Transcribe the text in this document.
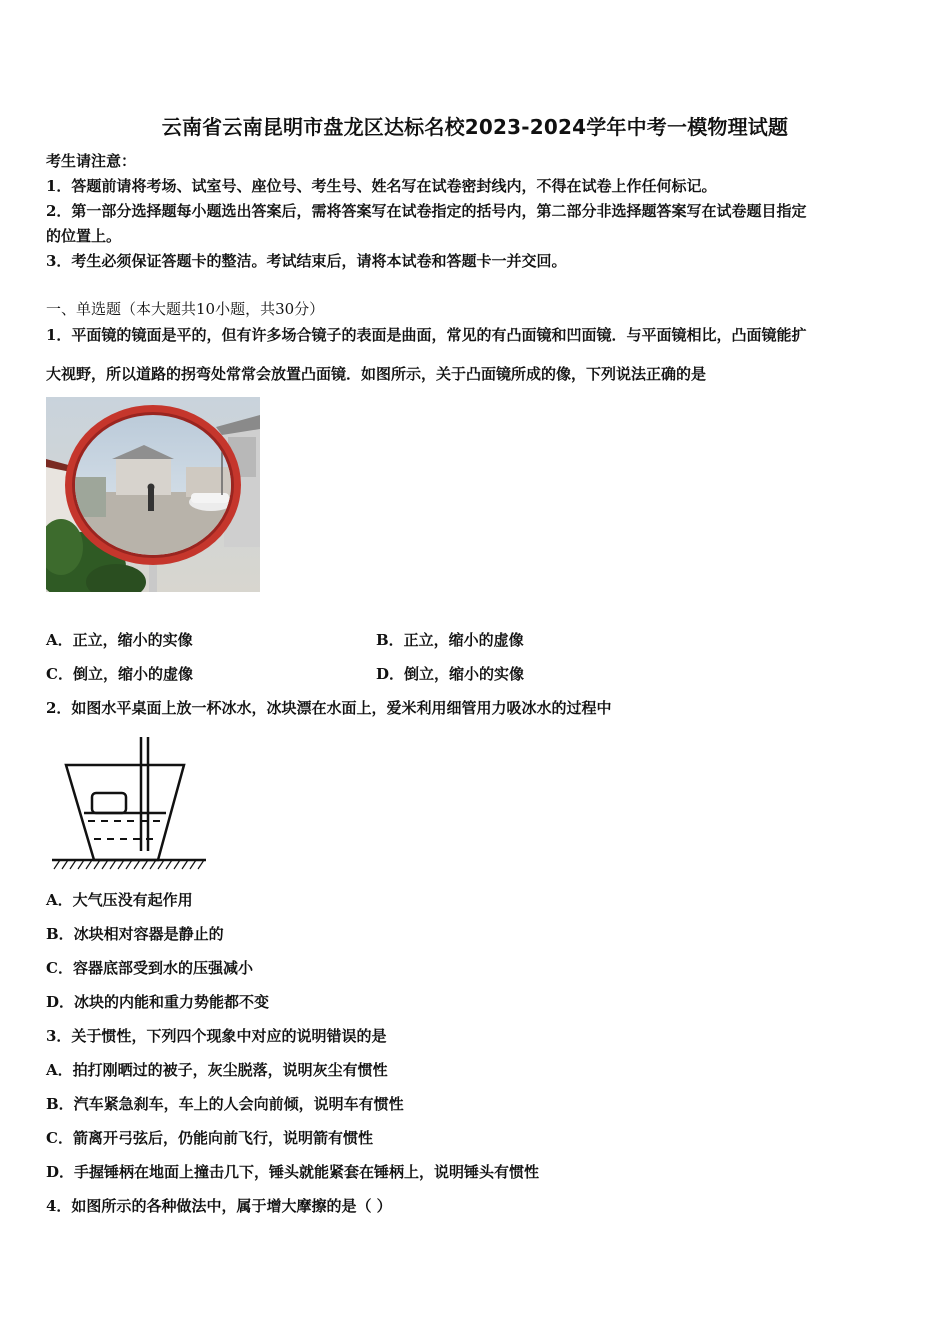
云南省云南昆明市盘龙区达标名校2023-2024学年中考一模物理试题
考生请注意：
1．答题前请将考场、试室号、座位号、考生号、姓名写在试卷密封线内，不得在试卷上作任何标记。
2．第一部分选择题每小题选出答案后，需将答案写在试卷指定的括号内，第二部分非选择题答案写在试卷题目指定
的位置上。
3．考生必须保证答题卡的整洁。考试结束后，请将本试卷和答题卡一并交回。
一、单选题（本大题共10小题，共30分）
1．平面镜的镜面是平的，但有许多场合镜子的表面是曲面，常见的有凸面镜和凹面镜．与平面镜相比，凸面镜能扩
大视野，所以道路的拐弯处常常会放置凸面镜．如图所示，关于凸面镜所成的像，下列说法正确的是
A．正立，缩小的实像	B．正立，缩小的虚像
C．倒立，缩小的虚像	D．倒立，缩小的实像
2．如图水平桌面上放一杯冰水，冰块漂在水面上，爱米利用细管用力吸冰水的过程中
A．大气压没有起作用
B．冰块相对容器是静止的
C．容器底部受到水的压强减小
D．冰块的内能和重力势能都不变
3．关于惯性，下列四个现象中对应的说明错误的是
A．拍打刚晒过的被子，灰尘脱落，说明灰尘有惯性
B．汽车紧急刹车，车上的人会向前倾，说明车有惯性
C．箭离开弓弦后，仍能向前飞行，说明箭有惯性
D．手握锤柄在地面上撞击几下，锤头就能紧套在锤柄上，说明锤头有惯性
4．如图所示的各种做法中，属于增大摩擦的是（ ）
